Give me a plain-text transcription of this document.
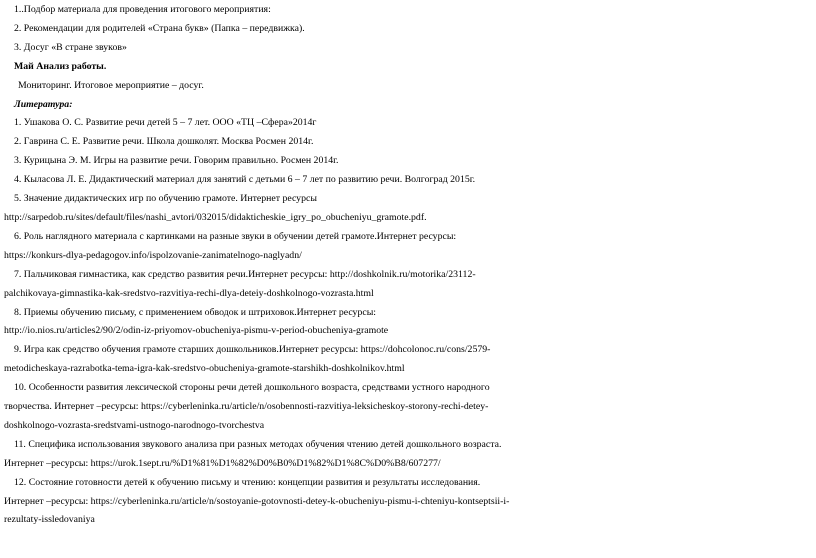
1..Подбор материала для проведения итогового мероприятия:

2. Рекомендации для родителей «Страна букв» (Папка – передвижка).

3. Досуг «В стране звуков»

Май Анализ работы.

Мониторинг. Итоговое мероприятие – досуг.

Литература:

1. Ушакова О. С. Развитие речи детей 5 – 7 лет. ООО «ТЦ –Сфера»2014г

2. Гаврина С. Е. Развитие речи. Школа дошколят. Москва Росмен 2014г.

3. Курицына Э. М. Игры на развитие речи. Говорим правильно. Росмен 2014г.

4. Кыласова Л. Е. Дидактический материал для занятий с детьми 6 – 7 лет по развитию речи. Волгоград 2015г.

5. Значение дидактических игр по обучению грамоте. Интернет ресурсы

http://sarpedob.ru/sites/default/files/nashi_avtori/032015/didakticheskie_igry_po_obucheniyu_gramote.pdf.

6. Роль наглядного материала с картинками на разные звуки в обучении детей грамоте.Интернет ресурсы:

https://konkurs-dlya-pedagogov.info/ispolzovanie-zanimatelnogo-naglyadn/

7. Пальчиковая гимнастика, как средство развития речи.Интернет ресурсы: http://doshkolnik.ru/motorika/23112-

palchikovaya-gimnastika-kak-sredstvo-razvitiya-rechi-dlya-deteiy-doshkolnogo-vozrasta.html

8. Приемы обучению письму, с применением обводок и штриховок.Интернет ресурсы:

http://io.nios.ru/articles2/90/2/odin-iz-priyomov-obucheniya-pismu-v-period-obucheniya-gramote

9. Игра как средство обучения грамоте старших дошкольников.Интернет ресурсы: https://dohcolonoc.ru/cons/2579-

metodicheskaya-razrabotka-tema-igra-kak-sredstvo-obucheniya-gramote-starshikh-doshkolnikov.html

10. Особенности развития лексической стороны речи детей дошкольного возраста, средствами устного народного

творчества. Интернет –ресурсы: https://cyberleninka.ru/article/n/osobennosti-razvitiya-leksicheskoy-storony-rechi-detey-

doshkolnogo-vozrasta-sredstvami-ustnogo-narodnogo-tvorchestva

11. Специфика использования звукового анализа при разных методах обучения чтению детей дошкольного возраста.

Интернет –ресурсы: https://urok.1sept.ru/%D1%81%D1%82%D0%B0%D1%82%D1%8C%D0%B8/607277/

12. Состояние готовности детей к обучению письму и чтению: концепции развития и результаты исследования.

Интернет –ресурсы: https://cyberleninka.ru/article/n/sostoyanie-gotovnosti-detey-k-obucheniyu-pismu-i-chteniyu-kontseptsii-i-

rezultaty-issledovaniya
